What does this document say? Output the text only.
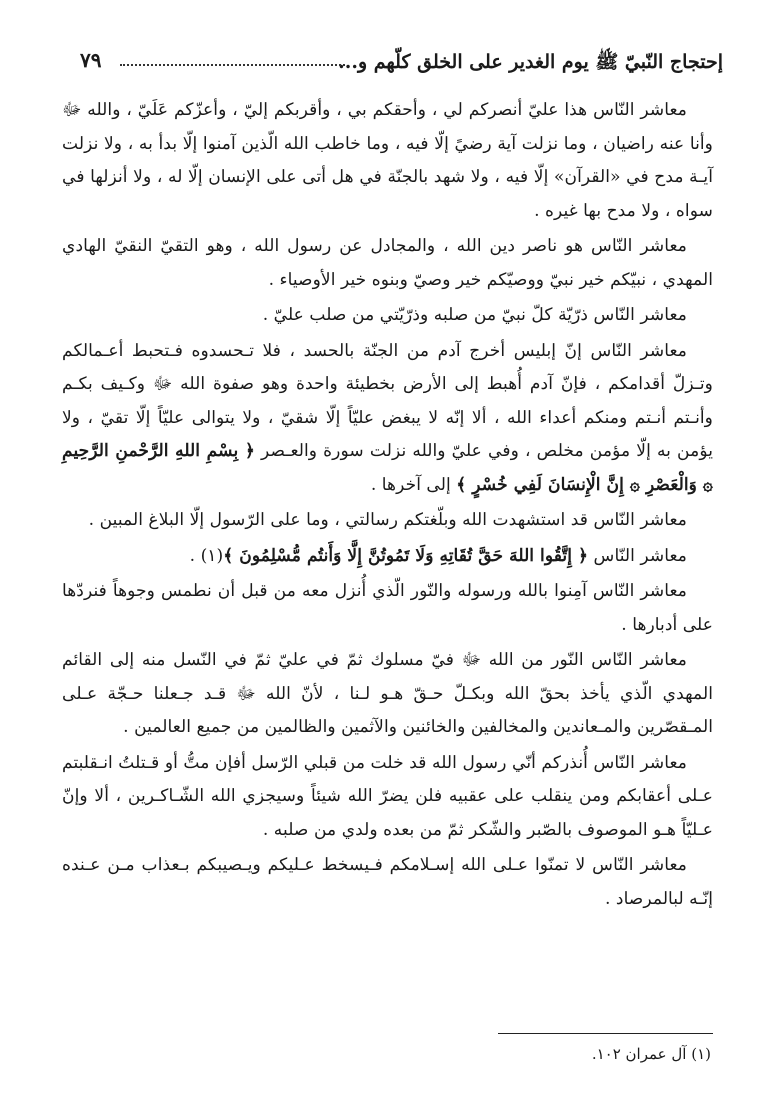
إحتجاج النّبيّ ﷺ يوم الغدير على الخلق كلّهم و...
٧٩

معاشر النّاس هذا عليّ أنصركم لي ، وأحقكم بي ، وأقربكم إليّ ، وأعزّكم عَلَيّ ، والله ﷻ وأنا عنه راضيان ، وما نزلت آية رضيً إلّا فيه ، وما خاطب الله الّذين آمنوا إلّا بدأ به ، ولا نزلت آيـة مدح في «القرآن» إلّا فيه ، ولا شهد بالجنّة في هل أتى على الإنسان إلّا له ، ولا أنزلها في سواه ، ولا مدح بها غيره .

معاشر النّاس هو ناصر دين الله ، والمجادل عن رسول الله ، وهو التقيّ النقيّ الهادي المهدي ، نبيّكم خير نبيّ ووصيّكم خير وصيّ وبنوه خير الأوصياء .

معاشر النّاس ذرّيّة كلّ نبيّ من صلبه وذرّيّتي من صلب عليّ .

معاشر النّاس إنّ إبليس أخرج آدم من الجنّة بالحسد ، فلا تـحسدوه فـتحبط أعـمالكم وتـزلّ أقدامكم ، فإنّ آدم أُهبط إلى الأرض بخطيئة واحدة وهو صفوة الله ﷻ وكـيف بكـم وأنـتم أنـتم ومنكم أعداء الله ، ألا إنّه لا يبغض عليّاً إلّا شقيّ ، ولا يتوالى عليّاً إلّا تقيّ ، ولا يؤمن به إلّا مؤمن مخلص ، وفي عليّ والله نزلت سورة والعـصر ﴿ بِسْمِ اللهِ الرَّحْمنِ الرَّحِيمِ ۞ وَالْعَصْرِ ۞ إِنَّ الْإِنسَانَ لَفِي خُسْرٍ ﴾ إلى آخرها .

معاشر النّاس قد استشهدت الله وبلّغتكم رسالتي ، وما على الرّسول إلّا البلاغ المبين .

معاشر النّاس ﴿ إِتَّقُوا اللهَ حَقَّ تُقَاتِهِ وَلَا تَمُوتُنَّ إِلَّا وَأَنتُم مُّسْلِمُونَ ﴾(١) .

معاشر النّاس آمِنوا بالله ورسوله والنّور الّذي أُنزل معه من قبل أن نطمس وجوهاً فنردّها على أدبارها .

معاشر النّاس النّور من الله ﷻ فيّ مسلوك ثمّ في عليّ ثمّ في النّسل منه إلى القائم المهدي الّذي يأخذ بحقّ الله وبكـلّ حـقّ هـو لـنا ، لأنّ الله ﷻ قـد جـعلنا حـجّة عـلى المـقصّرين والمـعاندين والمخالفين والخائنين والآثمين والظالمين من جميع العالمين .

معاشر النّاس أُنذركم أنّي رسول الله قد خلت من قبلي الرّسل أفإن متُّ أو قـتلتُ انـقلبتم عـلى أعقابكم ومن ينقلب على عقبيه فلن يضرّ الله شيئاً وسيجزي الله الشّـاكـرين ، ألا وإنّ عـليّاً هـو الموصوف بالصّبر والشّكر ثمّ من بعده ولدي من صلبه .

معاشر النّاس لا تمنّوا عـلى الله إسـلامكم فـيسخط عـليكم ويـصيبكم بـعذاب مـن عـنده إنّـه لبالمرصاد .

(١) آل عمران ١٠٢.
